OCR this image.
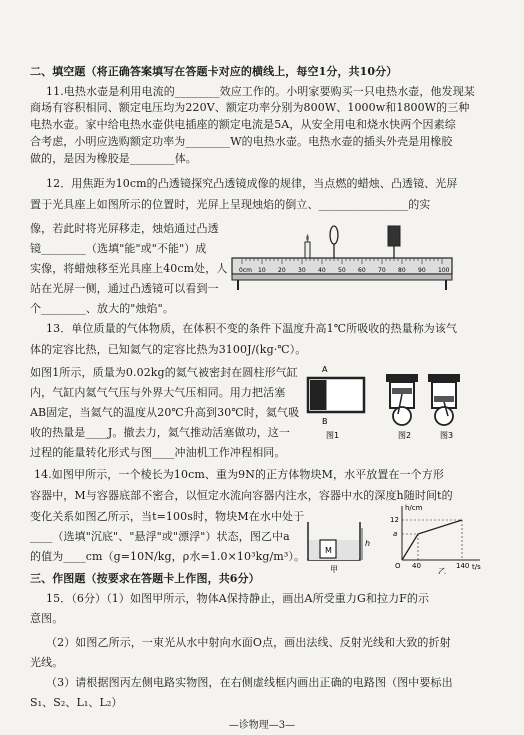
二、填空题（将正确答案填写在答题卡对应的横线上，每空1分，共10分）
11.电热水壶是利用电流的________效应工作的。小明家要购买一只电热水壶，他发现某
商场有容积相同、额定电压均为220V、额定功率分别为800W、1000w和1800W的三种
电热水壶。家中给电热水壶供电插座的额定电流是5A，从安全用电和烧水快两个因素综
合考虑，小明应选购额定功率为________W的电热水壶。电热水壶的插头外壳是用橡胶
做的，是因为橡胶是________体。
12．用焦距为10cm的凸透镜探究凸透镜成像的规律，当点燃的蜡烛、凸透镜、光屏
置于光具座上如图所示的位置时，光屏上呈现烛焰的倒立、________________的实
像，若此时将光屏移走，烛焰通过凸透
镜________（选填"能"或"不能"）成
实像，将蜡烛移至光具座上40cm处，人
站在光屏一侧，通过凸透镜可以看到一
个________、放大的"烛焰"。
0cm 10 20 30 40 50 60 70 80 90 100
13．单位质量的气体物质，在体积不变的条件下温度升高1℃所吸收的热量称为该气
体的定容比热，已知氦气的定容比热为3100J/(kg·℃）。
如图1所示，质量为0.02kg的氦气被密封在圆柱形气缸
内，气缸内氦气气压与外界大气压相同。用力把活塞
AB固定，当氦气的温度从20℃升高到30℃时，氦气吸
收的热量是____J。撤去力，氦气推动活塞做功，这一
过程的能量转化形式与图____冲油机工作冲程相同。
A
B
图1	图2	图3
14.如图甲所示，一个棱长为10cm、重为9N的正方体物块M，水平放置在一个方形
容器中，M与容器底部不密合，以恒定水流向容器内注水，容器中水的深度h随时间t的
变化关系如图乙所示，当t=100s时，物块M在水中处于
____（选填"沉底"、"悬浮"或"漂浮"）状态，图乙中a
的值为____cm（g=10N/kg，ρ水=1.0×10³kg/m³）。 M
h
甲
h/cm
t/s
O
12
a
40	140
乙
三、作图题（按要求在答题卡上作图，共6分）
15．（6分）（1）如图甲所示，物体A保持静止，画出A所受重力G和拉力F的示
意图。
（2）如图乙所示，一束光从水中射向水面O点，画出法线、反射光线和大致的折射
光线。
（3）请根据图丙左侧电路实物图，在右侧虚线框内画出正确的电路图（图中要标出
S₁、S₂、L₁、L₂）
—诊物理—3—
